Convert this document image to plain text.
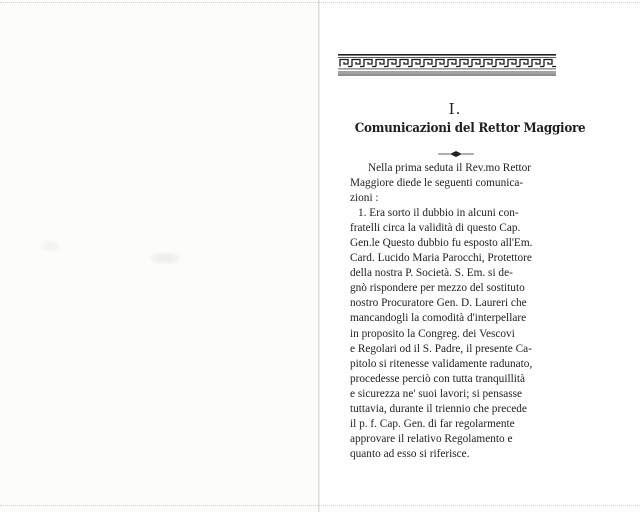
I.
Comunicazioni del Rettor Maggiore
Nella prima seduta il Rev.mo Rettor
Maggiore diede le seguenti comunica-
zioni :
1. Era sorto il dubbio in alcuni con-
fratelli circa la validità di questo Cap.
Gen.le Questo dubbio fu esposto all'Em.
Card. Lucido Maria Parocchi, Protettore
della nostra P. Società. S. Em. si de-
gnò rispondere per mezzo del sostituto
nostro Procuratore Gen. D. Laureri che
mancandogli la comodità d'interpellare
in proposito la Congreg. dei Vescovi
e Regolari od il S. Padre, il presente Ca-
pitolo si ritenesse validamente radunato,
procedesse perciò con tutta tranquillità
e sicurezza ne' suoi lavori; si pensasse
tuttavia, durante il triennio che precede
il p. f. Cap. Gen. di far regolarmente
approvare il relativo Regolamento e
quanto ad esso si riferisce.
